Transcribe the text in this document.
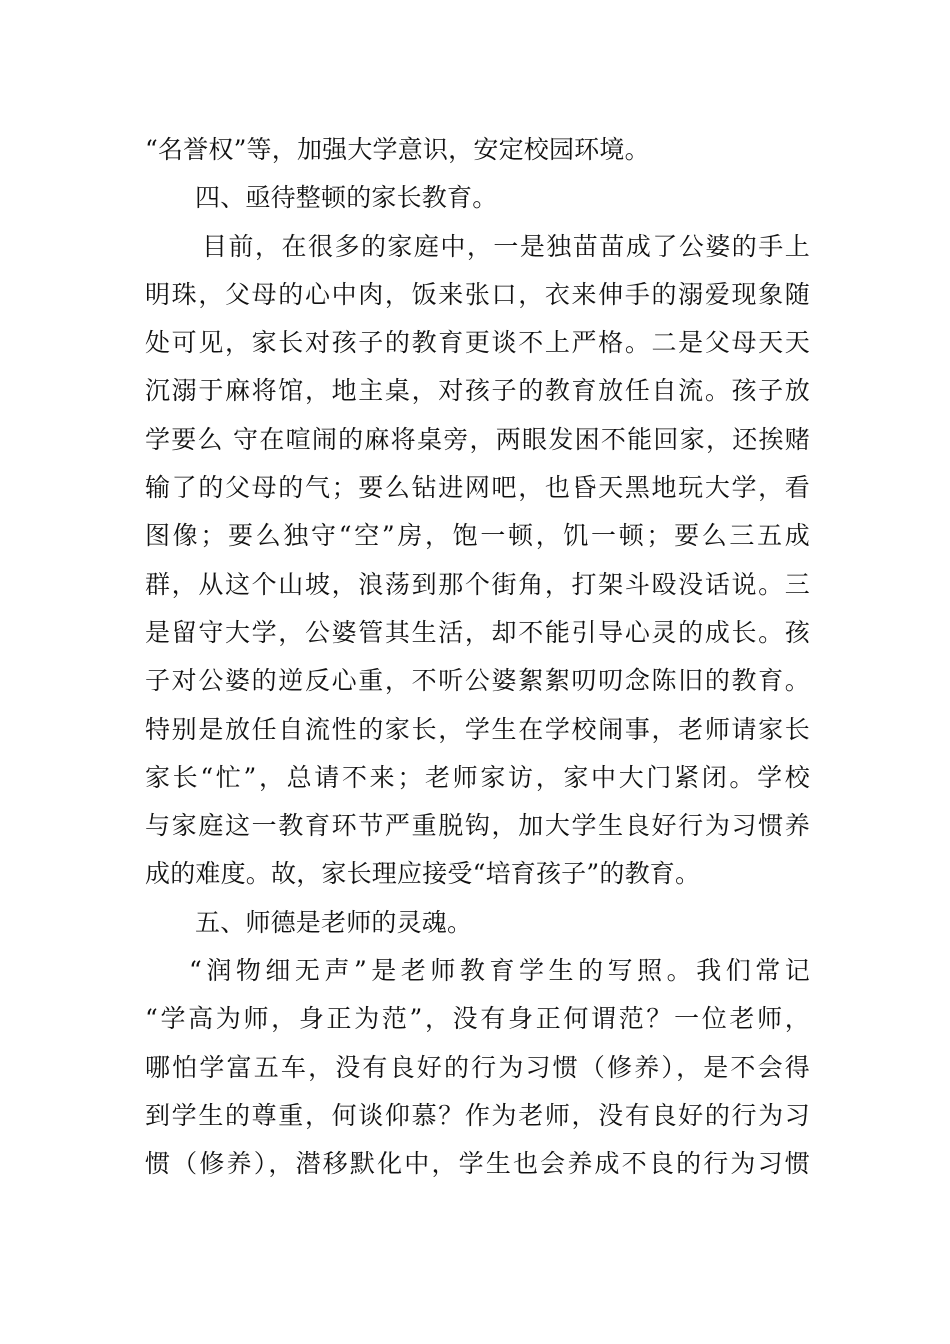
“名誉权”等，加强大学意识，安定校园环境。
四、亟待整顿的家长教育。
目前，在很多的家庭中，一是独苗苗成了公婆的手上
明珠，父母的心中肉，饭来张口，衣来伸手的溺爱现象随
处可见，家长对孩子的教育更谈不上严格。二是父母天天
沉溺于麻将馆，地主桌，对孩子的教育放任自流。孩子放
学要么 守在喧闹的麻将桌旁，两眼发困不能回家，还挨赌
输了的父母的气；要么钻进网吧，也昏天黑地玩大学，看
图像；要么独守“空”房，饱一顿，饥一顿；要么三五成
群，从这个山坡，浪荡到那个街角，打架斗殴没话说。三
是留守大学，公婆管其生活，却不能引导心灵的成长。孩
子对公婆的逆反心重，不听公婆絮絮叨叨念陈旧的教育。
特别是放任自流性的家长，学生在学校闹事，老师请家长
家长“忙”，总请不来；老师家访，家中大门紧闭。学校
与家庭这一教育环节严重脱钩，加大学生良好行为习惯养
成的难度。故，家长理应接受“培育孩子”的教育。
五、师德是老师的灵魂。
“润物细无声”是老师教育学生的写照。我们常记
“学高为师，身正为范”，没有身正何谓范？一位老师，
哪怕学富五车，没有良好的行为习惯（修养），是不会得
到学生的尊重，何谈仰慕？作为老师，没有良好的行为习
惯（修养），潜移默化中，学生也会养成不良的行为习惯
